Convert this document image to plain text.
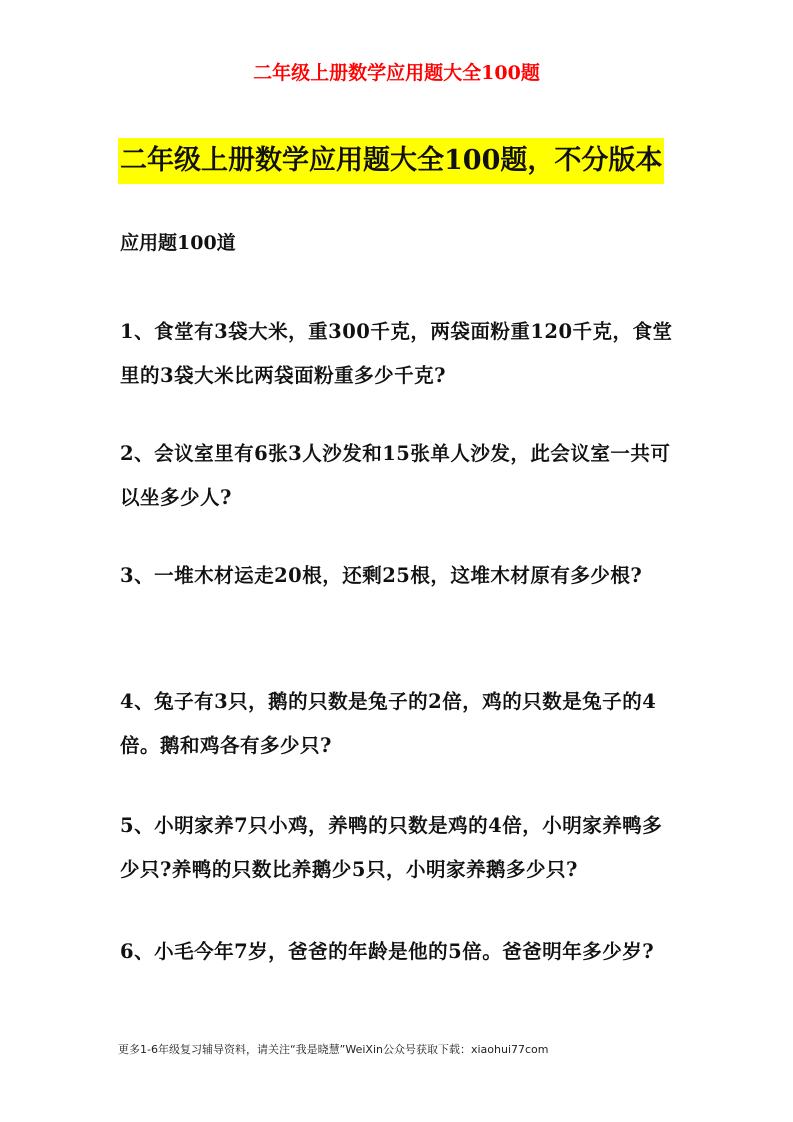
二年级上册数学应用题大全100题
二年级上册数学应用题大全100题，不分版本
应用题100道
1、食堂有3袋大米，重300千克，两袋面粉重120千克，食堂里的3袋大米比两袋面粉重多少千克?
2、会议室里有6张3人沙发和15张单人沙发，此会议室一共可以坐多少人?
3、一堆木材运走20根，还剩25根，这堆木材原有多少根?
4、兔子有3只，鹅的只数是兔子的2倍，鸡的只数是兔子的4倍。鹅和鸡各有多少只?
5、小明家养7只小鸡，养鸭的只数是鸡的4倍，小明家养鸭多少只?养鸭的只数比养鹅少5只，小明家养鹅多少只?
6、小毛今年7岁，爸爸的年龄是他的5倍。爸爸明年多少岁?
更多1-6年级复习辅导资料，请关注“我是晓慧”WeiXin公众号获取下载：xiaohui77com
